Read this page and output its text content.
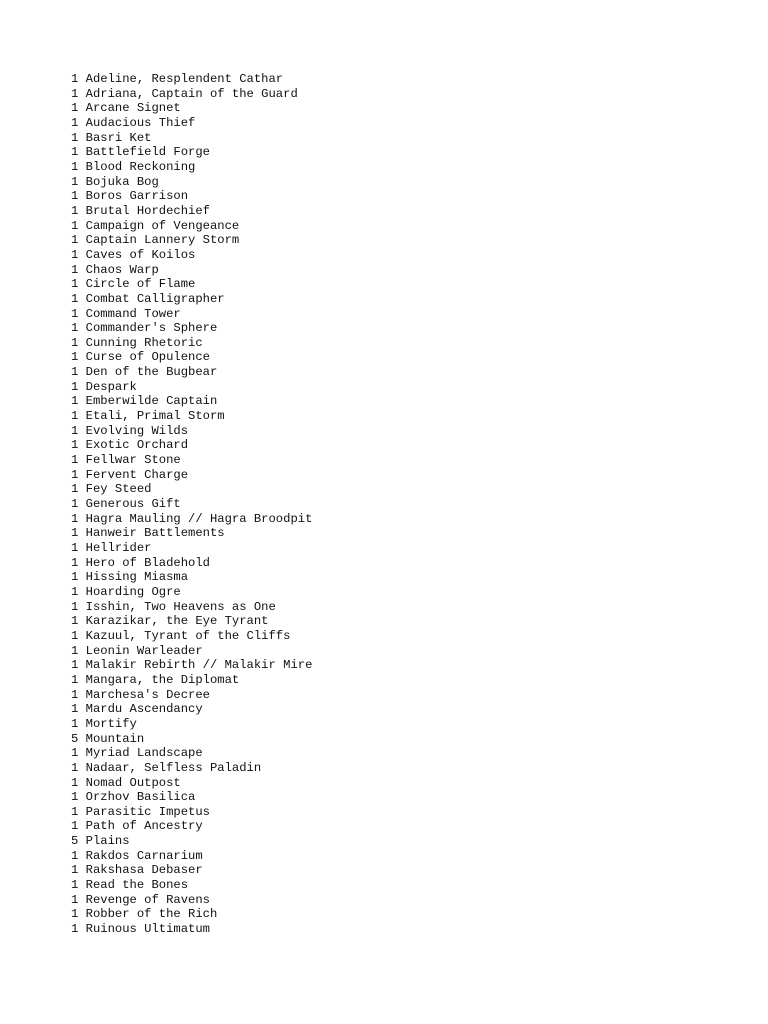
1 Adeline, Resplendent Cathar
1 Adriana, Captain of the Guard
1 Arcane Signet
1 Audacious Thief
1 Basri Ket
1 Battlefield Forge
1 Blood Reckoning
1 Bojuka Bog
1 Boros Garrison
1 Brutal Hordechief
1 Campaign of Vengeance
1 Captain Lannery Storm
1 Caves of Koilos
1 Chaos Warp
1 Circle of Flame
1 Combat Calligrapher
1 Command Tower
1 Commander's Sphere
1 Cunning Rhetoric
1 Curse of Opulence
1 Den of the Bugbear
1 Despark
1 Emberwilde Captain
1 Etali, Primal Storm
1 Evolving Wilds
1 Exotic Orchard
1 Fellwar Stone
1 Fervent Charge
1 Fey Steed
1 Generous Gift
1 Hagra Mauling // Hagra Broodpit
1 Hanweir Battlements
1 Hellrider
1 Hero of Bladehold
1 Hissing Miasma
1 Hoarding Ogre
1 Isshin, Two Heavens as One
1 Karazikar, the Eye Tyrant
1 Kazuul, Tyrant of the Cliffs
1 Leonin Warleader
1 Malakir Rebirth // Malakir Mire
1 Mangara, the Diplomat
1 Marchesa's Decree
1 Mardu Ascendancy
1 Mortify
5 Mountain
1 Myriad Landscape
1 Nadaar, Selfless Paladin
1 Nomad Outpost
1 Orzhov Basilica
1 Parasitic Impetus
1 Path of Ancestry
5 Plains
1 Rakdos Carnarium
1 Rakshasa Debaser
1 Read the Bones
1 Revenge of Ravens
1 Robber of the Rich
1 Ruinous Ultimatum
